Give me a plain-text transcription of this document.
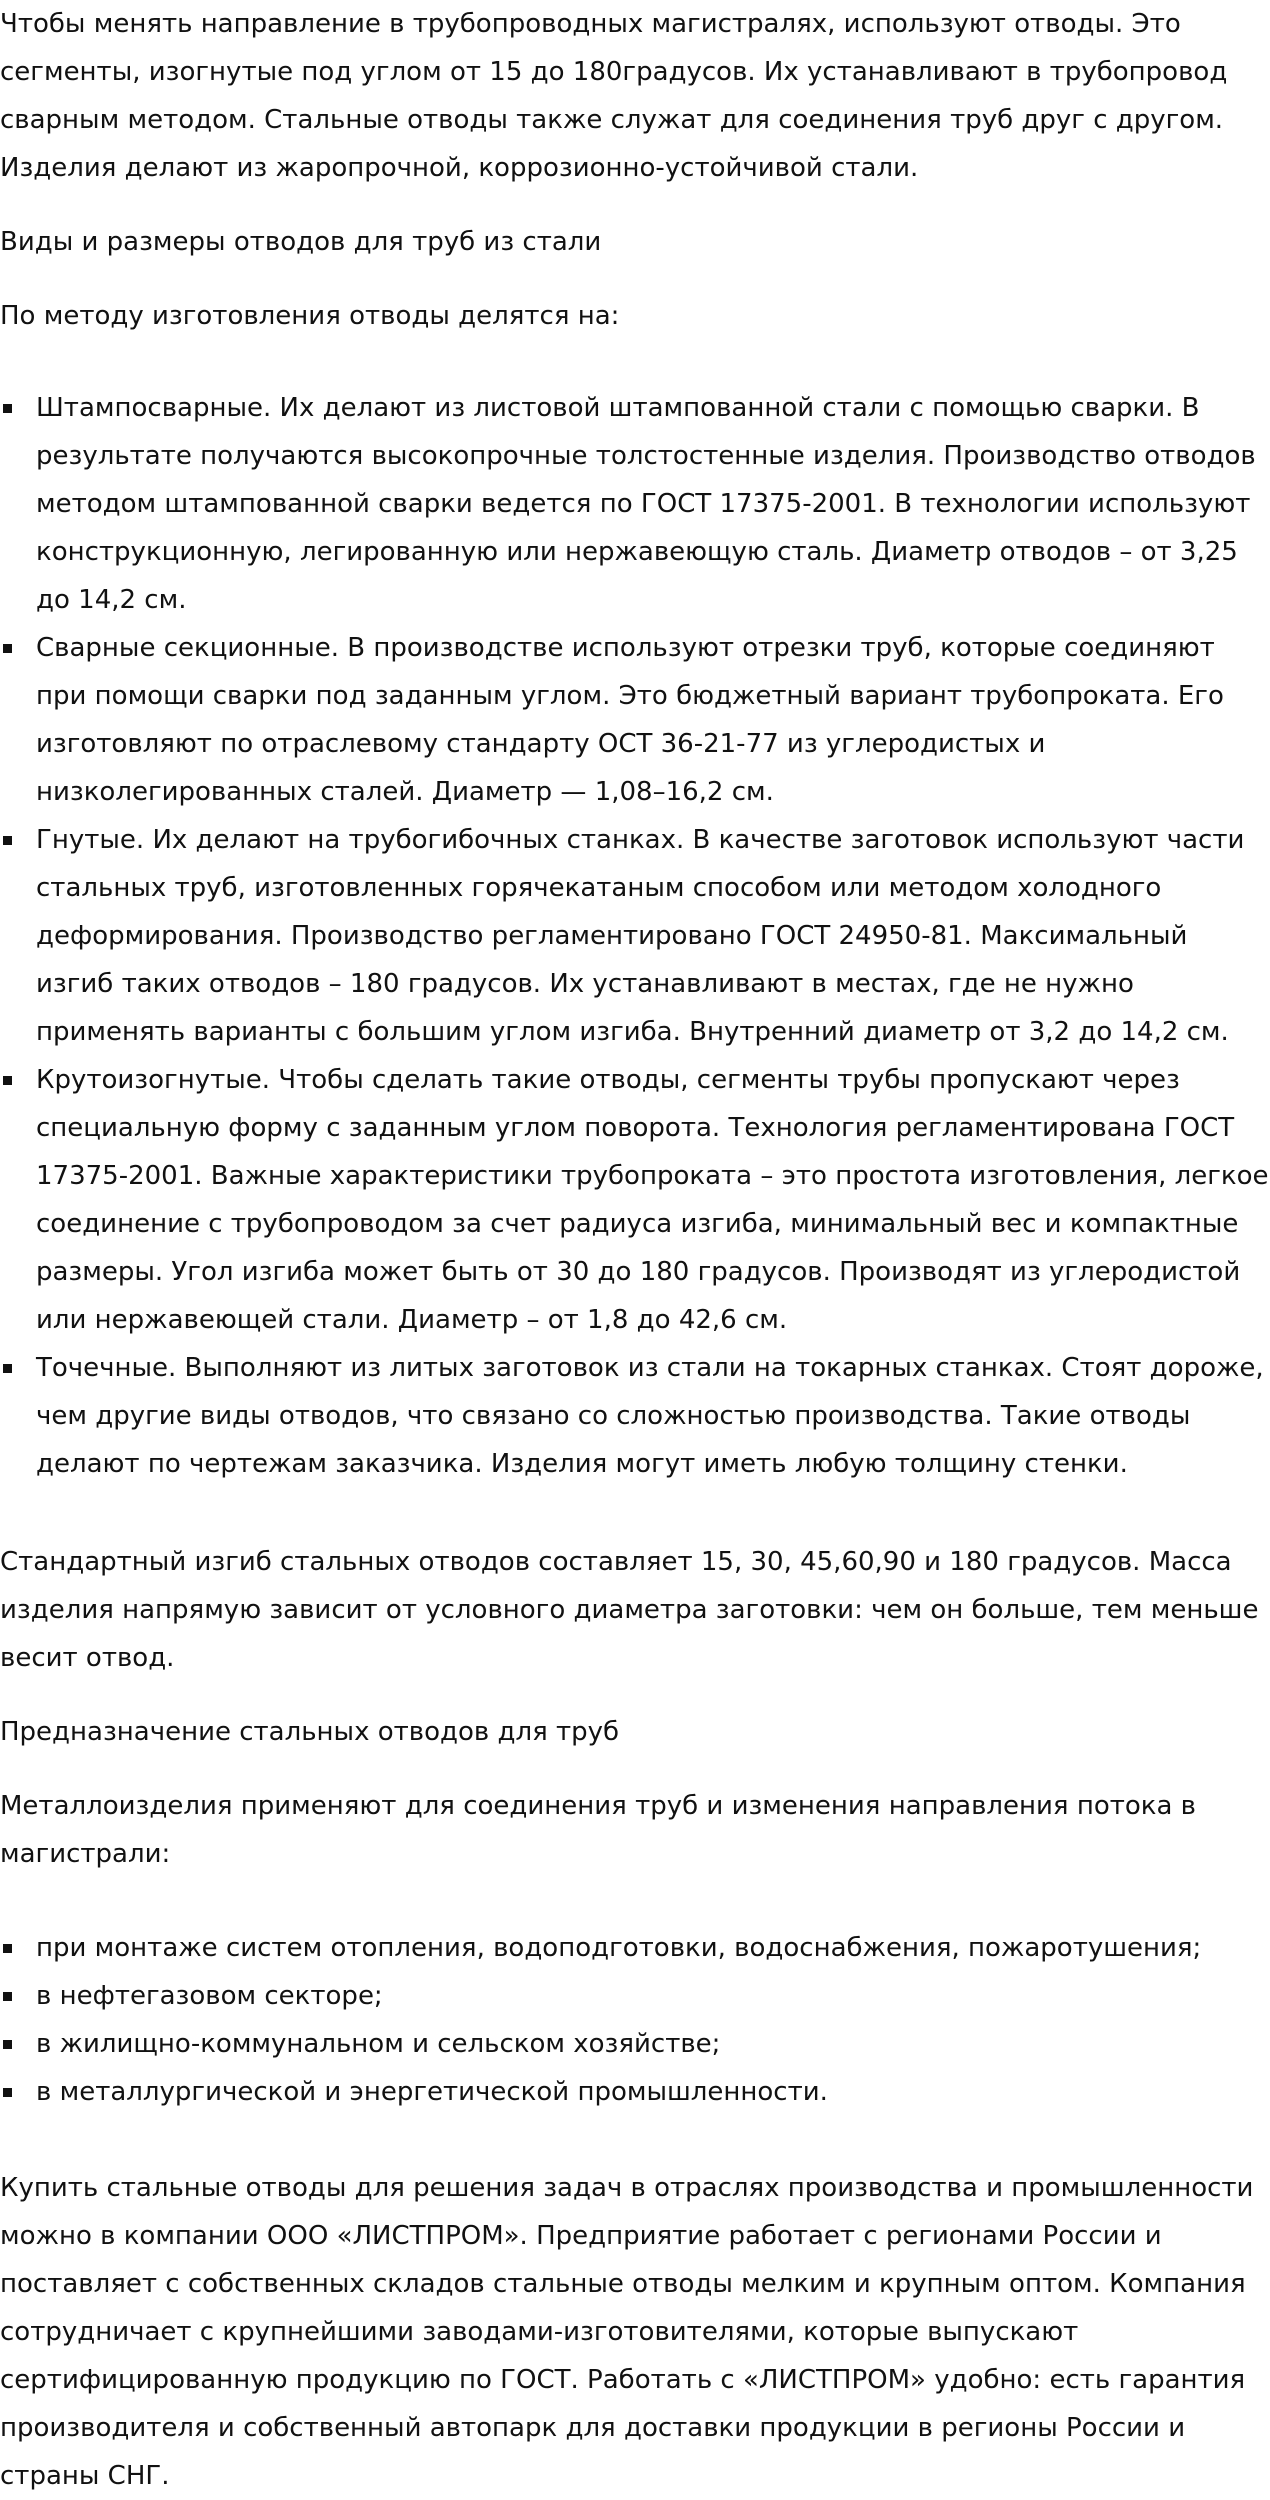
Чтобы менять направление в трубопроводных магистралях, используют отводы. Это сегменты, изогнутые под углом от 15 до 180градусов. Их устанавливают в трубопровод сварным методом. Стальные отводы также служат для соединения труб друг с другом. Изделия делают из жаропрочной, коррозионно-устойчивой стали.

Виды и размеры отводов для труб из стали

По методу изготовления отводы делятся на:

Штампосварные. Их делают из листовой штампованной стали с помощью сварки. В результате получаются высокопрочные толстостенные изделия. Производство отводов методом штампованной сварки ведется по ГОСТ 17375-2001. В технологии используют конструкционную, легированную или нержавеющую сталь. Диаметр отводов – от 3,25 до 14,2 см.
Сварные секционные. В производстве используют отрезки труб, которые соединяют при помощи сварки под заданным углом. Это бюджетный вариант трубопроката. Его изготовляют по отраслевому стандарту ОСТ 36-21-77 из углеродистых и низколегированных сталей. Диаметр — 1,08–16,2 см.
Гнутые. Их делают на трубогибочных станках. В качестве заготовок используют части стальных труб, изготовленных горячекатаным способом или методом холодного деформирования. Производство регламентировано ГОСТ 24950-81. Максимальный изгиб таких отводов – 180 градусов. Их устанавливают в местах, где не нужно применять варианты с большим углом изгиба. Внутренний диаметр от 3,2 до 14,2 см.
Крутоизогнутые. Чтобы сделать такие отводы, сегменты трубы пропускают через специальную форму с заданным углом поворота. Технология регламентирована ГОСТ 17375-2001. Важные характеристики трубопроката – это простота изготовления, легкое соединение с трубопроводом за счет радиуса изгиба, минимальный вес и компактные размеры. Угол изгиба может быть от 30 до 180 градусов. Производят из углеродистой или нержавеющей стали. Диаметр – от 1,8 до 42,6 см.
Точечные. Выполняют из литых заготовок из стали на токарных станках. Стоят дороже, чем другие виды отводов, что связано со сложностью производства. Такие отводы делают по чертежам заказчика. Изделия могут иметь любую толщину стенки.

Стандартный изгиб стальных отводов составляет 15, 30, 45,60,90 и 180 градусов. Масса изделия напрямую зависит от условного диаметра заготовки: чем он больше, тем меньше весит отвод.

Предназначение стальных отводов для труб

Металлоизделия применяют для соединения труб и изменения направления потока в магистрали:

при монтаже систем отопления, водоподготовки, водоснабжения, пожаротушения;
в нефтегазовом секторе;
в жилищно-коммунальном и сельском хозяйстве;
в металлургической и энергетической промышленности.

Купить стальные отводы для решения задач в отраслях производства и промышленности можно в компании ООО «ЛИСТПРОМ». Предприятие работает с регионами России и поставляет с собственных складов стальные отводы мелким и крупным оптом. Компания сотрудничает с крупнейшими заводами-изготовителями, которые выпускают сертифицированную продукцию по ГОСТ. Работать с «ЛИСТПРОМ» удобно: есть гарантия производителя и собственный автопарк для доставки продукции в регионы России и страны СНГ.
